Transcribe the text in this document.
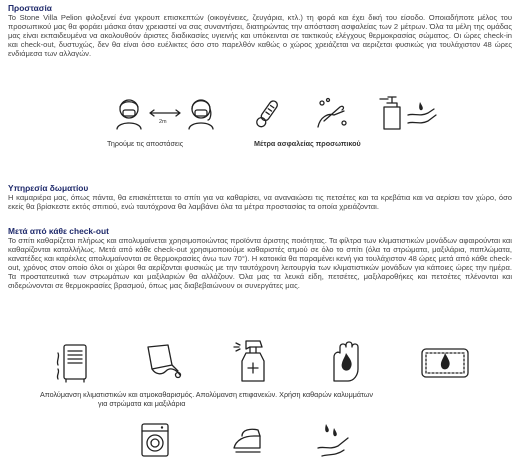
Προστασία

Το Stone Villa Pelion φιλοξενεί ένα γκρουπ επισκεπτών (οικογένειες, ζευγάρια, κτλ.) τη φορά και έχει δική του είσοδο. Οποιαδήποτε μέλος του προσωπικού μας θα φοράει μάσκα όταν χρειαστεί να σας συναντήσει, διατηρώντας την απόσταση ασφαλείας των 2 μέτρων. Όλα τα μέλη της ομάδας μας είναι εκπαιδευμένα να ακολουθούν άριστες διαδικασίες υγιεινής και υπόκεινται σε τακτικούς ελέγχους θερμοκρασίας σώματος. Οι ώρες check-in και check-out, δυστυχώς, δεν θα είναι όσο ευέλικτες όσο στο παρελθόν καθώς ο χώρος χρειάζεται να αεριζεται φυσικώς για τουλάχιστον 48 ώρες ενδιάμεσα των αλλαγών.

2m
Τηρούμε τις αποστάσεις	Μέτρα ασφαλείας προσωπικού
Υπηρεσία δωματίου

Η καμαριέρα μας, όπως πάντα, θα επισκέπτεται το σπίτι για να καθαρίσει, να αναναιώσει τις πετσέτες και τα κρεβάτια και να αερίσει τον χώρο, όσο εκείς θα βρίσκεστε εκτός σπιτιού, ενώ ταυτόχρονα θα λαμβάνει όλα τα μέτρα προστασίας τα οποία χρειάζονται.

Μετά από κάθε check-out

Το σπίτι καθαρίζεται πλήρως και απολυμαίνεται χρησιμοποιώντας προϊόντα άριστης ποιότητας. Τα φίλτρα των κλιματιστικών μονάδων αφαιρούνται και καθαρίζονται καταλλήλως. Μετά από κάθε check-out χρησιμοποιούμε καθαριστές ατμού σε όλο το σπίτι (όλα τα στρώματα, μαξιλάρια, παπλώματα, κανατέδες και καρέκλες απολυμαίνονται σε θερμοκρασίες άνω των 70°). Η κατοικία θα παραμένει κενή για τουλάχιστον 48 ώρες μετά από κάθε check-out, χρόνος στον οποίο όλοι οι χώροι θα αερίζονται φυσικώς με την ταυτόχρονη λειτουργία των κλιματιστικών μονάδων για κάποιες ώρες την ημέρα. Τα προστατευτικά των στρωμάτων και μαξιλαριών θα αλλάζουν. Όλα μας τα λευκά είδη, πετσέτες, μαξιλαροθήκες και πετσέτες πλένονται και σιδερώνονται σε θερμοκρασίες βρασμού, όπως μας διαβεβαιώνουν οι συνεργάτες μας.

Απολύμανση κλιματιστικών και ατμοκαθαρισμός. Απολύμανση επιφανειών. Χρήση καθαρών καλυμμάτων
για στρώματα και μαξιλάρια
